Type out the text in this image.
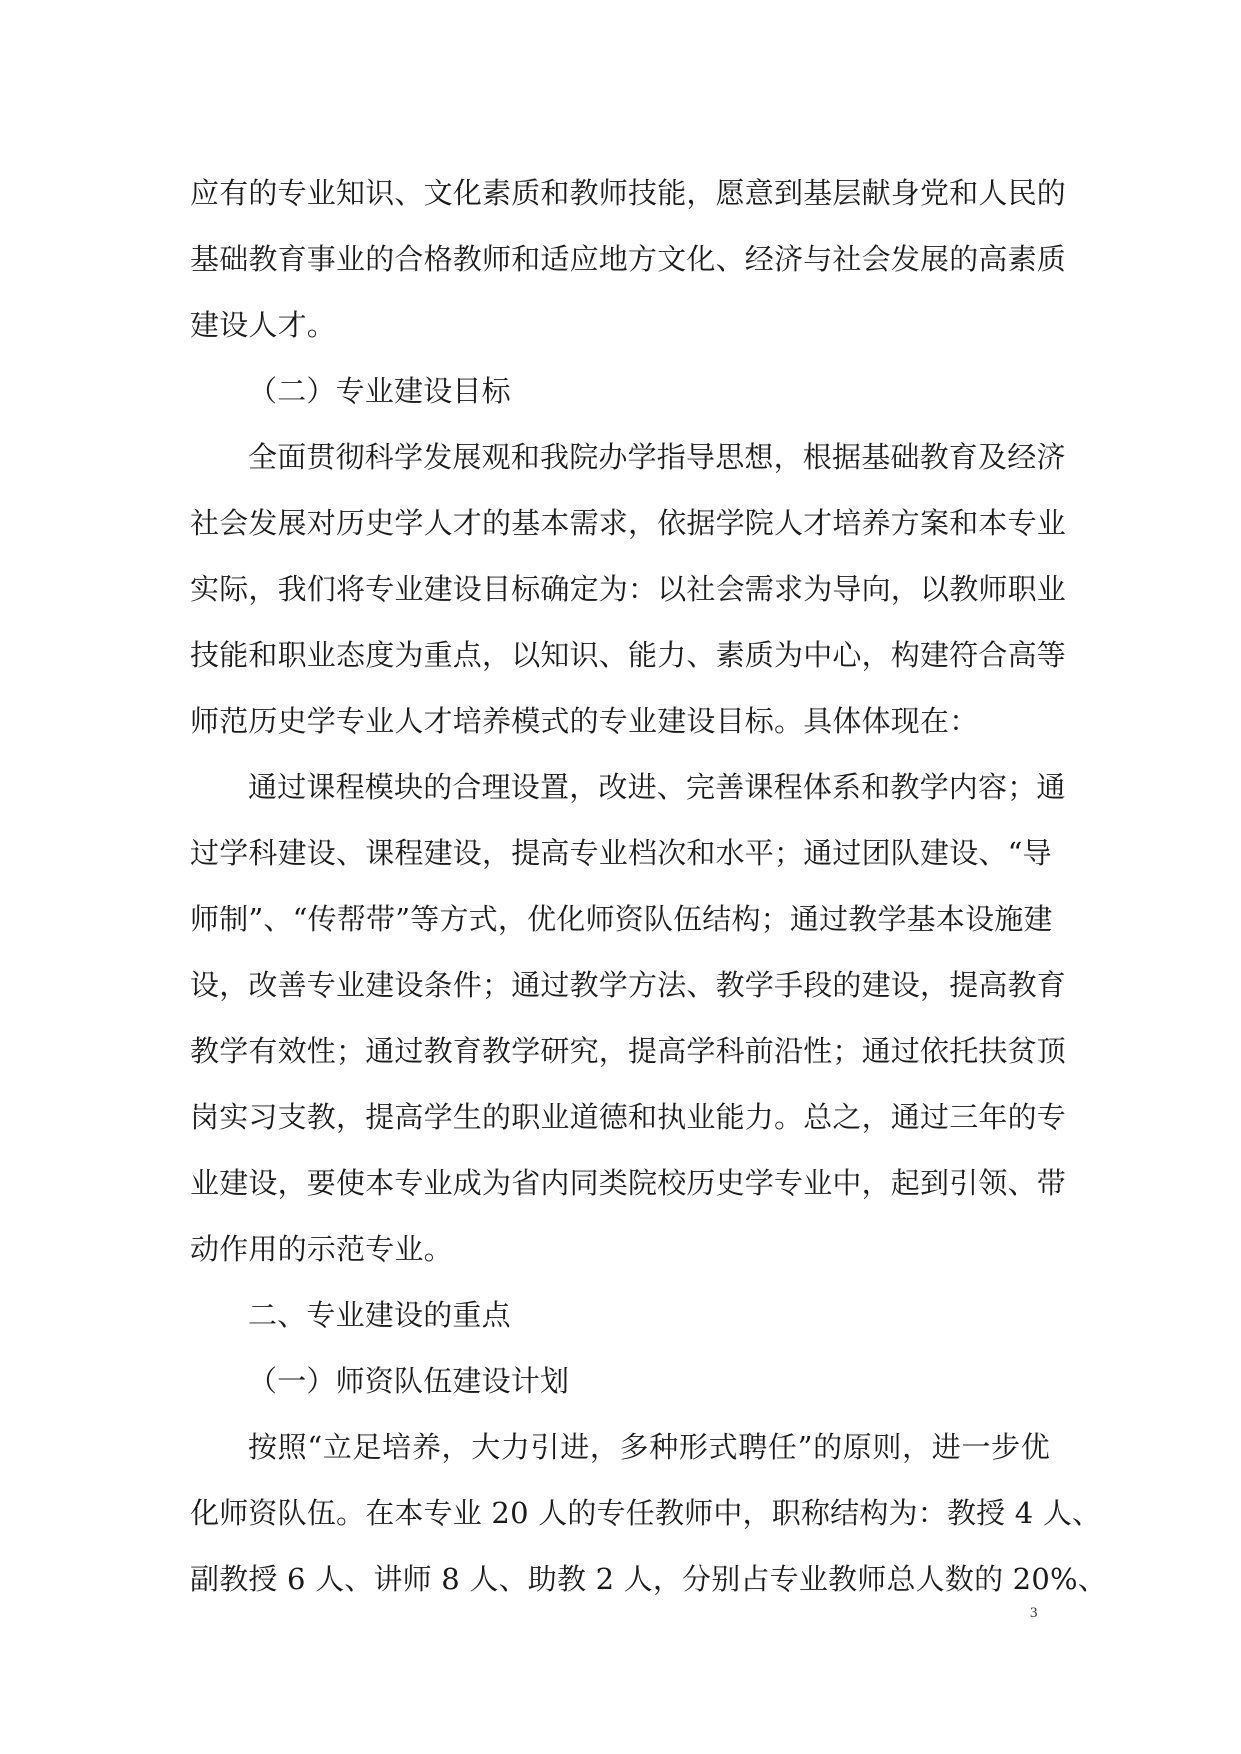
应有的专业知识、文化素质和教师技能，愿意到基层献身党和人民的
基础教育事业的合格教师和适应地方文化、经济与社会发展的高素质
建设人才。
（二）专业建设目标
全面贯彻科学发展观和我院办学指导思想，根据基础教育及经济
社会发展对历史学人才的基本需求，依据学院人才培养方案和本专业
实际，我们将专业建设目标确定为：以社会需求为导向，以教师职业
技能和职业态度为重点，以知识、能力、素质为中心，构建符合高等
师范历史学专业人才培养模式的专业建设目标。具体体现在：
通过课程模块的合理设置，改进、完善课程体系和教学内容；通
过学科建设、课程建设，提高专业档次和水平；通过团队建设、“导
师制”、“传帮带”等方式，优化师资队伍结构；通过教学基本设施建
设，改善专业建设条件；通过教学方法、教学手段的建设，提高教育
教学有效性；通过教育教学研究，提高学科前沿性；通过依托扶贫顶
岗实习支教，提高学生的职业道德和执业能力。总之，通过三年的专
业建设，要使本专业成为省内同类院校历史学专业中，起到引领、带
动作用的示范专业。
二、专业建设的重点
（一）师资队伍建设计划
按照“立足培养，大力引进，多种形式聘任”的原则，进一步优
化师资队伍。在本专业 20 人的专任教师中，职称结构为：教授 4 人、
副教授 6 人、讲师 8 人、助教 2 人，分别占专业教师总人数的 20%、
3
